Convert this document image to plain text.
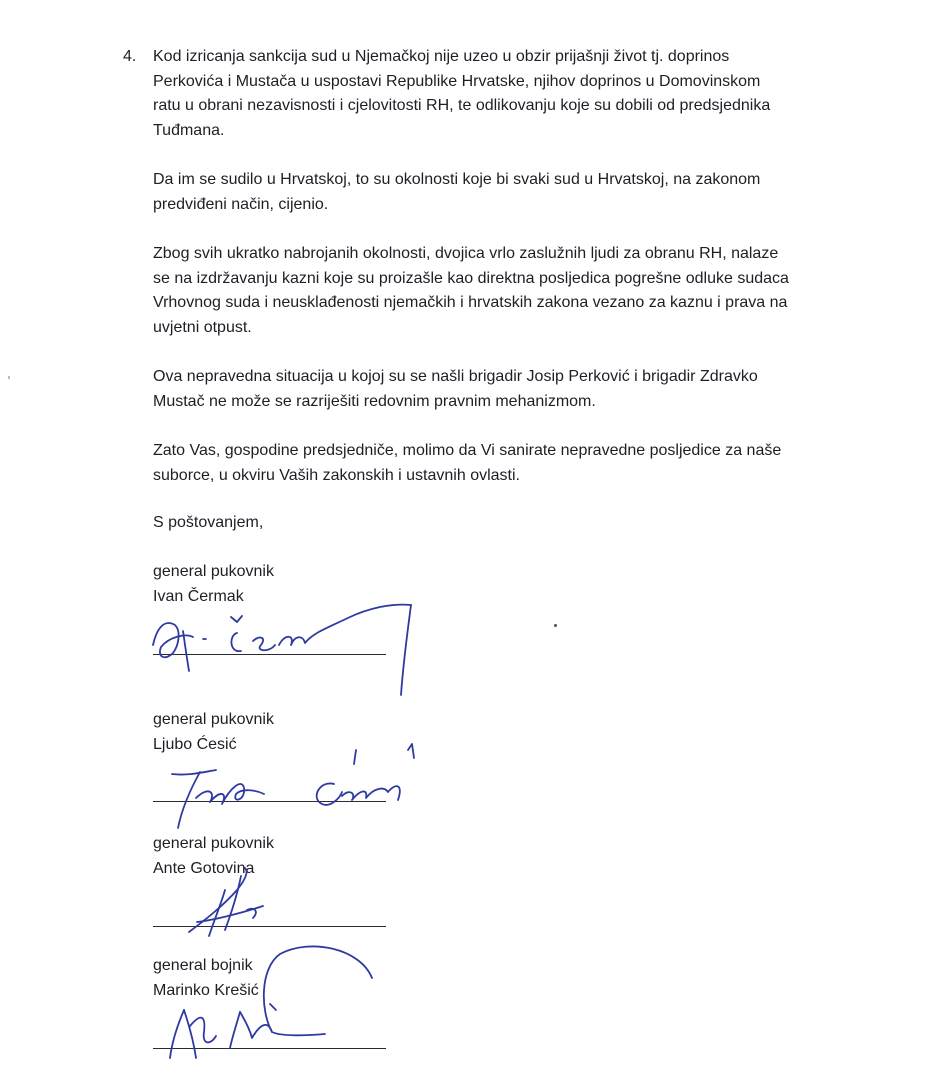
4. Kod izricanja sankcija sud u Njemačkoj nije uzeo u obzir prijašnji život tj. doprinos
Perkovića i Mustača u uspostavi Republike Hrvatske, njihov doprinos u Domovinskom
ratu u obrani nezavisnosti i cjelovitosti RH, te odlikovanju koje su dobili od predsjednika
Tuđmana.
Da im se sudilo u Hrvatskoj, to su okolnosti koje bi svaki sud u Hrvatskoj, na zakonom
predviđeni način, cijenio.
Zbog svih ukratko nabrojanih okolnosti, dvojica vrlo zaslužnih ljudi za obranu RH, nalaze
se na izdržavanju kazni koje su proizašle kao direktna posljedica pogrešne odluke sudaca
Vrhovnog suda i neusklađenosti njemačkih i hrvatskih zakona vezano za kaznu i prava na
uvjetni otpust.
Ova nepravedna situacija u kojoj su se našli brigadir Josip Perković i brigadir Zdravko
Mustač ne može se razriješiti redovnim pravnim mehanizmom.
Zato Vas, gospodine predsjedniče, molimo da Vi sanirate nepravedne posljedice za naše
suborce, u okviru Vaših zakonskih i ustavnih ovlasti.
S poštovanjem,
general pukovnik
Ivan Čermak
general pukovnik
Ljubo Ćesić
general pukovnik
Ante Gotovina
general bojnik
Marinko Krešić
